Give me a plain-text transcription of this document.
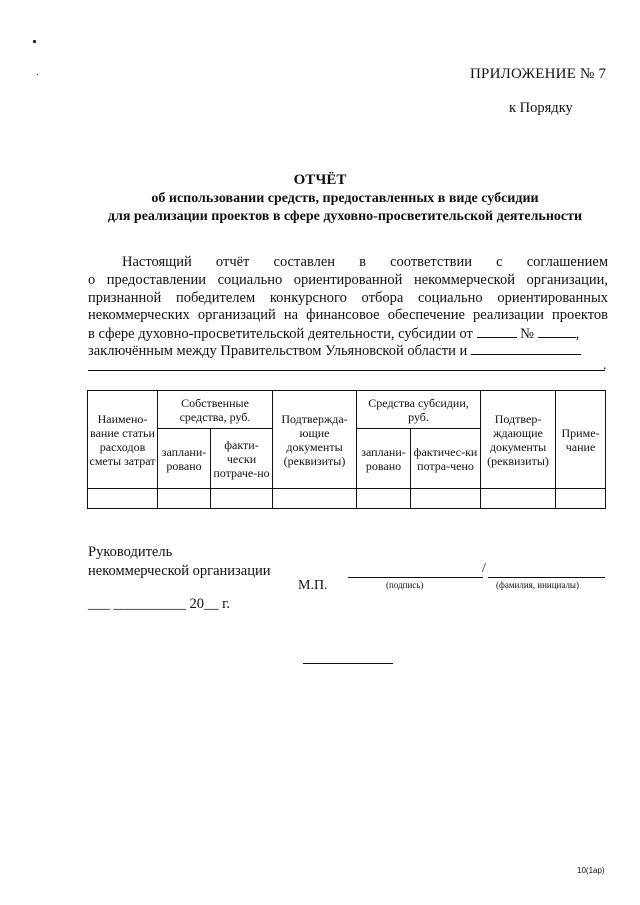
ПРИЛОЖЕНИЕ № 7
к Порядку
ОТЧЁТ
об использовании средств, предоставленных в виде субсидии
для реализации проектов в сфере духовно-просветительской деятельности
Настоящий отчёт составлен в соответствии с соглашением
о предоставлении социально ориентированной некоммерческой организации,
признанной победителем конкурсного отбора социально ориентированных
некоммерческих организаций на финансовое обеспечение реализации проектов
в сфере духовно-просветительской деятельности, субсидии от	№	,
заключённым между Правительством Ульяновской области и
.
Наимено-вание статьи расходов сметы затрат	Собственные средства, руб.		Подтвержда-ющие документы (реквизиты)	Средства субсидии, руб.		Подтвер-ждающие документы (реквизиты)	Приме-чание
	заплани-ровано	факти-чески потраче-но		заплани-ровано	фактичес-ки потра-чено		

Руководитель
некоммерческой организации
М.П.
/
(подпись)	(фамилия, инициалы)
___ __________ 20__ г.
10(1ap)
